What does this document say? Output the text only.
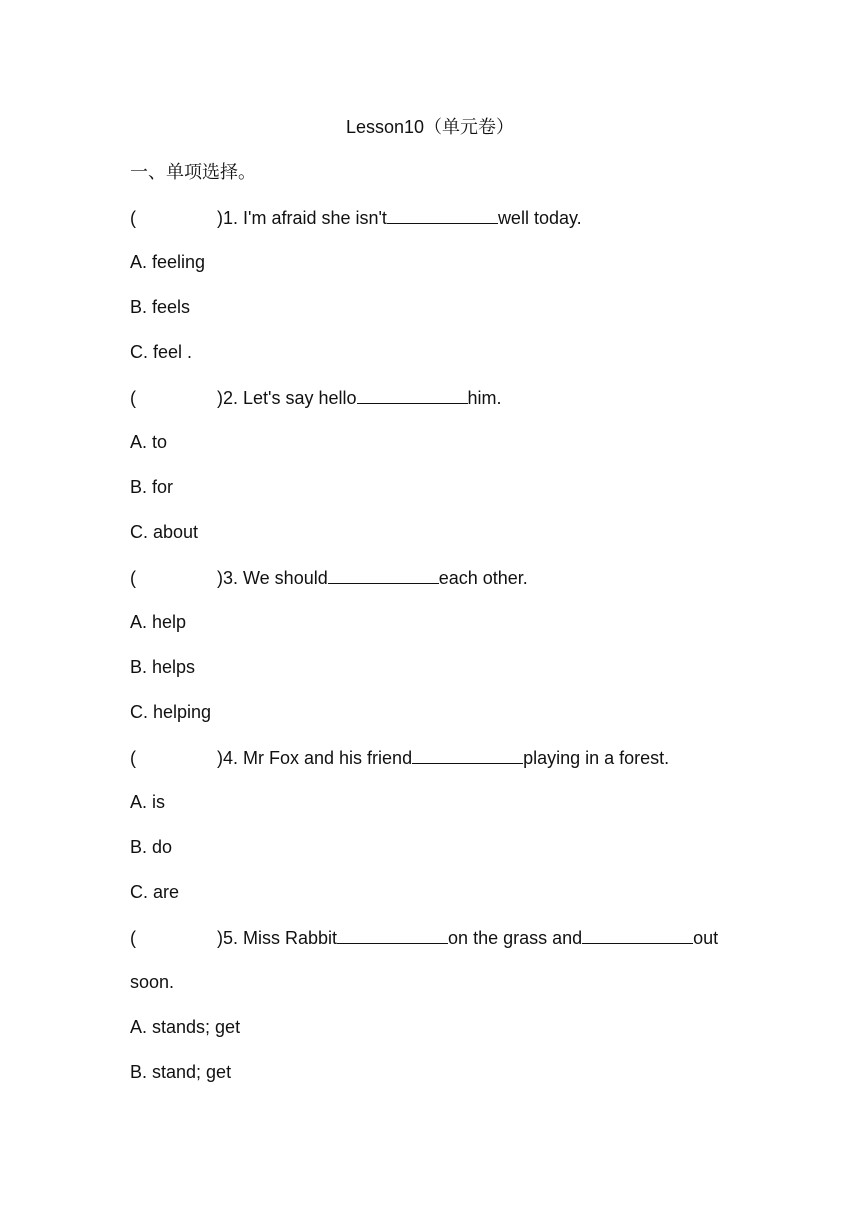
Lesson10（单元卷）
一、单项选择。
(	)1. I'm afraid she isn't	well today.
A. feeling
B. feels
C. feel .
(	)2. Let's say hello	him.
A. to
B. for
C. about
(	)3. We should	each other.
A. help
B. helps
C. helping
(	)4. Mr Fox and his friend	playing in a forest.
A. is
B. do
C. are
(	)5. Miss Rabbit	on the grass and	out
soon.
A. stands; get
B. stand; get
